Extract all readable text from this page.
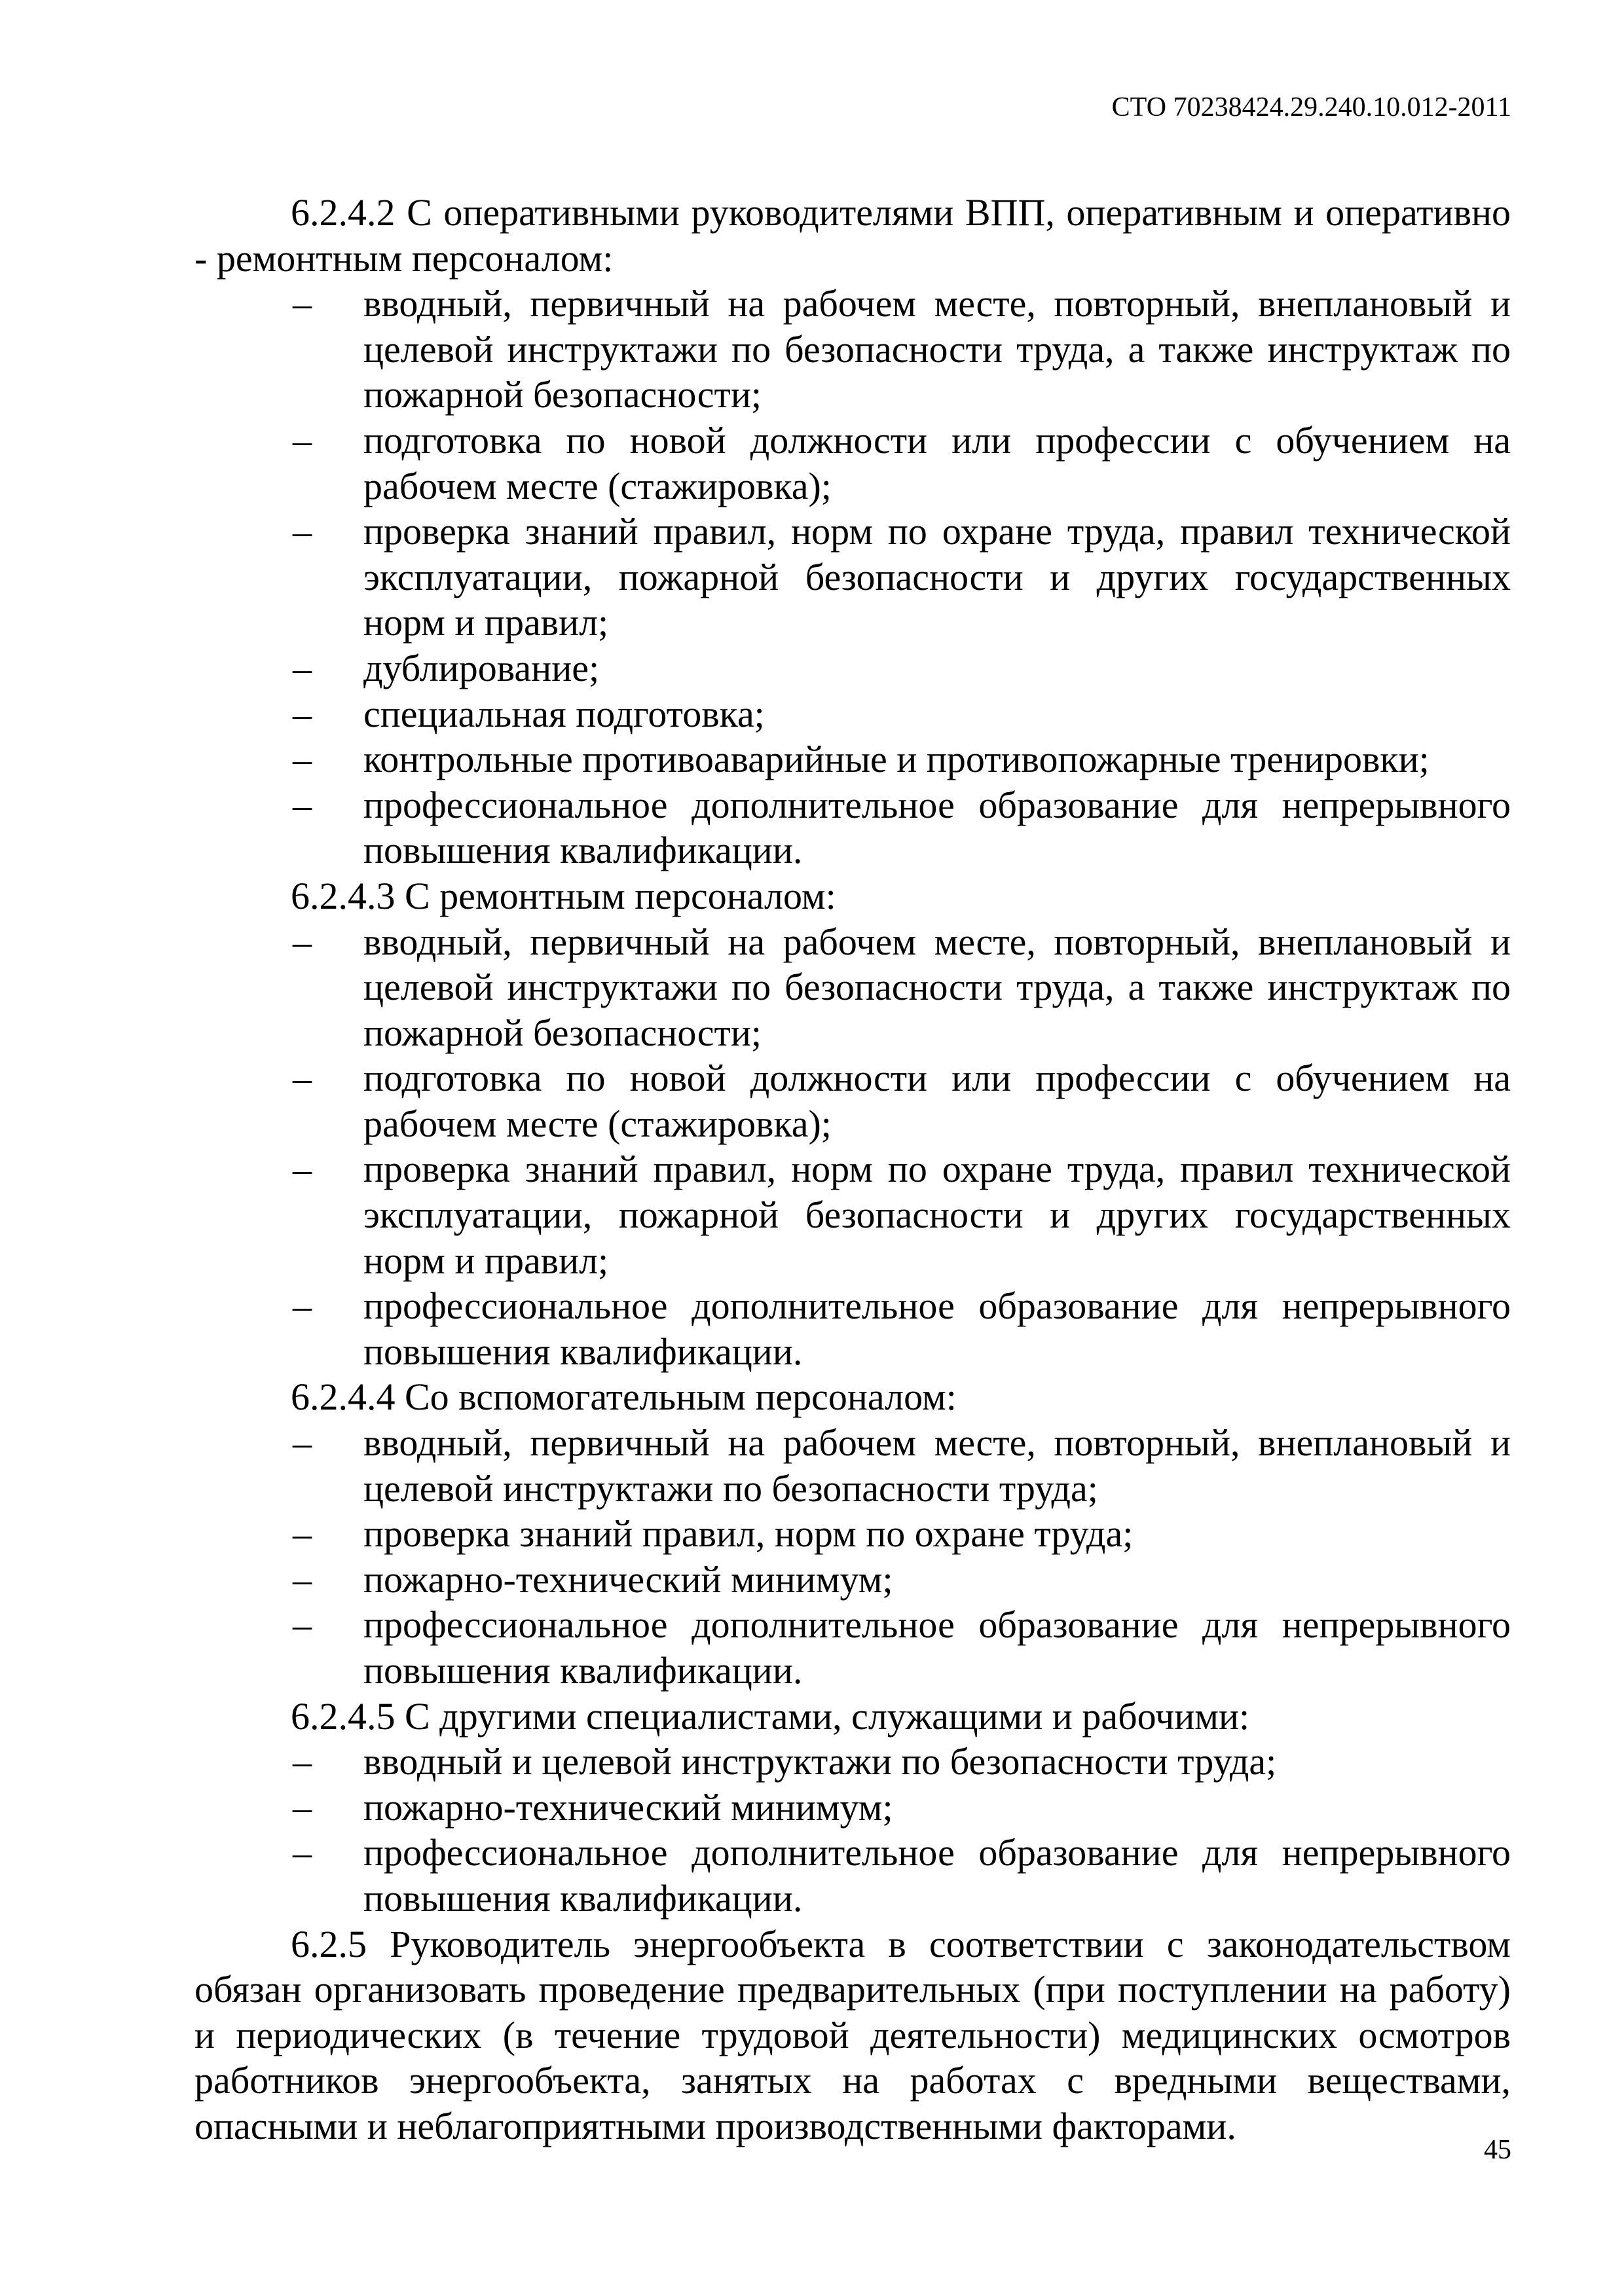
СТО 70238424.29.240.10.012-2011

6.2.4.2 С оперативными руководителями ВПП, оперативным и оперативно - ремонтным персоналом:

– вводный, первичный на рабочем месте, повторный, внеплановый и целевой инструктажи по безопасности труда, а также инструктаж по пожарной безопасности;
– подготовка по новой должности или профессии с обучением на рабочем месте (стажировка);
– проверка знаний правил, норм по охране труда, правил технической эксплуатации, пожарной безопасности и других государственных норм и правил;
– дублирование;
– специальная подготовка;
– контрольные противоаварийные и противопожарные тренировки;
– профессиональное дополнительное образование для непрерывного повышения квалификации.

6.2.4.3 С ремонтным персоналом:

– вводный, первичный на рабочем месте, повторный, внеплановый и целевой инструктажи по безопасности труда, а также инструктаж по пожарной безопасности;
– подготовка по новой должности или профессии с обучением на рабочем месте (стажировка);
– проверка знаний правил, норм по охране труда, правил технической эксплуатации, пожарной безопасности и других государственных норм и правил;
– профессиональное дополнительное образование для непрерывного повышения квалификации.

6.2.4.4 Со вспомогательным персоналом:

– вводный, первичный на рабочем месте, повторный, внеплановый и целевой инструктажи по безопасности труда;
– проверка знаний правил, норм по охране труда;
– пожарно-технический минимум;
– профессиональное дополнительное образование для непрерывного повышения квалификации.

6.2.4.5 С другими специалистами, служащими и рабочими:

– вводный и целевой инструктажи по безопасности труда;
– пожарно-технический минимум;
– профессиональное дополнительное образование для непрерывного повышения квалификации.

6.2.5 Руководитель энергообъекта в соответствии с законодательством обязан организовать проведение предварительных (при поступлении на работу) и периодических (в течение трудовой деятельности) медицинских осмотров работников энергообъекта, занятых на работах с вредными веществами, опасными и неблагоприятными производственными факторами.

45
